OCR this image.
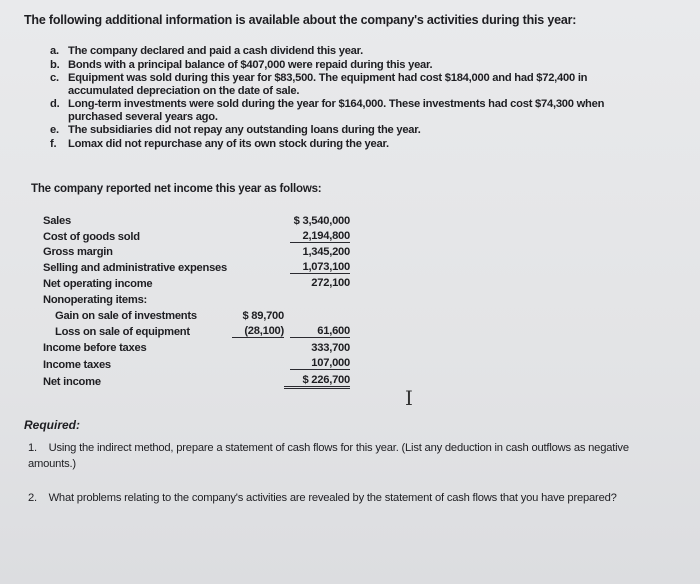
The following additional information is available about the company's activities during this year:
a. The company declared and paid a cash dividend this year.
b. Bonds with a principal balance of $407,000 were repaid during this year.
c. Equipment was sold during this year for $83,500. The equipment had cost $184,000 and had $72,400 in accumulated depreciation on the date of sale.
d. Long-term investments were sold during the year for $164,000. These investments had cost $74,300 when purchased several years ago.
e. The subsidiaries did not repay any outstanding loans during the year.
f.	Lomax did not repurchase any of its own stock during the year.
The company reported net income this year as follows:
Sales
Cost of goods sold
Gross margin
Selling and administrative expenses
Net operating income
Nonoperating items:
Gain on sale of investments
Loss on sale of equipment
Income before taxes
Income taxes
Net income
$ 89,700
(28,100)
$ 3,540,000
2,194,800
1,345,200
1,073,100
272,100
61,600
333,700
107,000
$ 226,700
I
Required:
1. Using the indirect method, prepare a statement of cash flows for this year. (List any deduction in cash outflows as negative amounts.)
2. What problems relating to the company's activities are revealed by the statement of cash flows that you have prepared?
